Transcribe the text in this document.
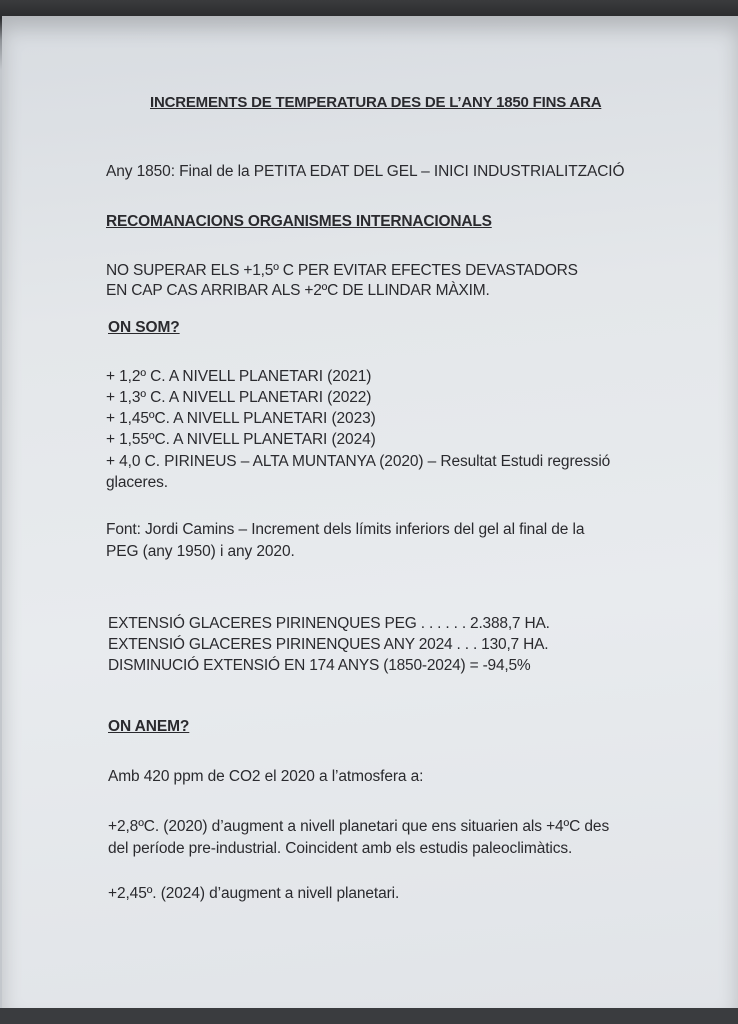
INCREMENTS DE TEMPERATURA DES DE L’ANY 1850 FINS ARA
Any 1850: Final de la PETITA EDAT DEL GEL – INICI INDUSTRIALITZACIÓ
RECOMANACIONS ORGANISMES INTERNACIONALS
NO SUPERAR ELS +1,5º C PER EVITAR EFECTES DEVASTADORS
EN CAP CAS ARRIBAR ALS +2ºC DE LLINDAR MÀXIM.
ON SOM?
+ 1,2º C. A NIVELL PLANETARI (2021)
+ 1,3º C. A NIVELL PLANETARI (2022)
+ 1,45ºC. A NIVELL PLANETARI (2023)
+ 1,55ºC. A NIVELL PLANETARI (2024)
+ 4,0 C. PIRINEUS – ALTA MUNTANYA (2020) – Resultat Estudi regressió
glaceres.
Font: Jordi Camins – Increment dels límits inferiors del gel al final de la
PEG (any 1950) i any 2020.
EXTENSIÓ GLACERES PIRINENQUES PEG . . . . . . 2.388,7 HA.
EXTENSIÓ GLACERES PIRINENQUES ANY 2024 . . . 130,7 HA.
DISMINUCIÓ EXTENSIÓ EN 174 ANYS (1850-2024) = -94,5%
ON ANEM?
Amb 420 ppm de CO2 el 2020 a l’atmosfera a:
+2,8ºC. (2020) d’augment a nivell planetari que ens situarien als +4ºC des
del període pre-industrial. Coincident amb els estudis paleoclimàtics.
+2,45º. (2024) d’augment a nivell planetari.
